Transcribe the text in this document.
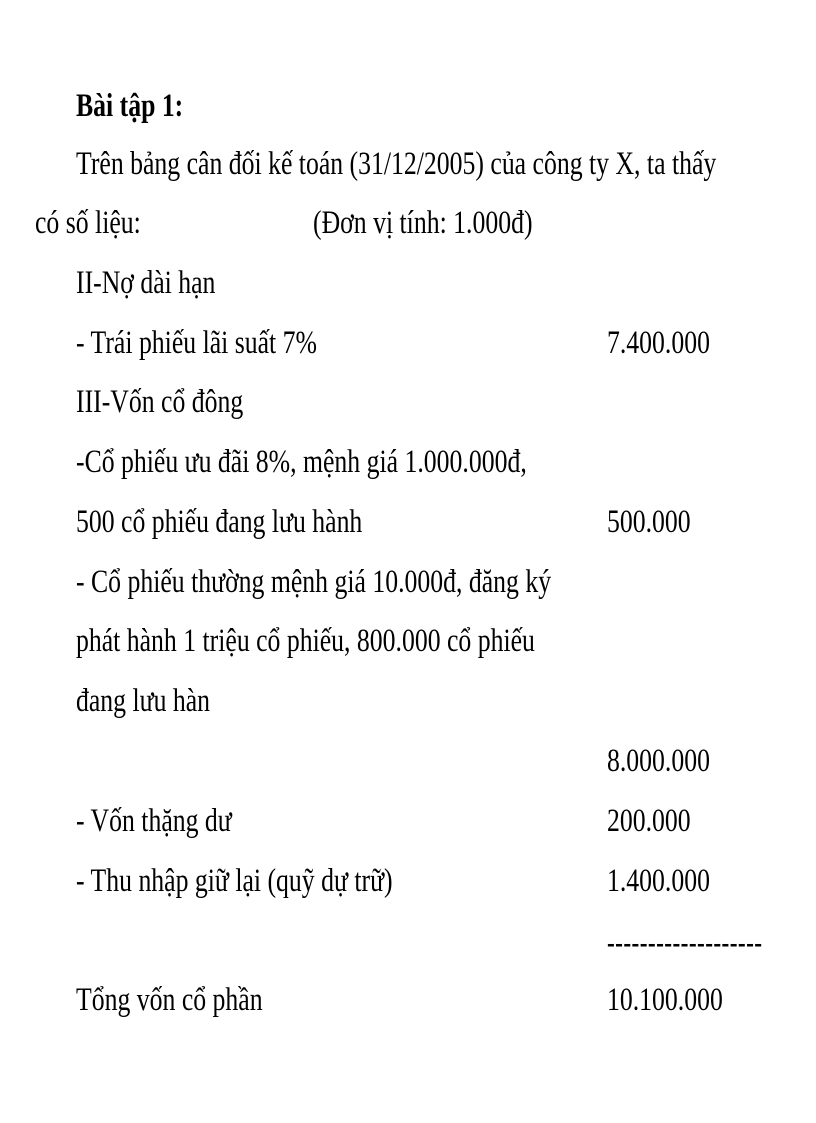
Bài tập 1:
Trên bảng cân đối kế toán (31/12/2005) của công ty X, ta thấy
có số liệu:	(Đơn vị tính: 1.000đ)
II-Nợ dài hạn
- Trái phiếu lãi suất 7%	7.400.000
III-Vốn cổ đông
-Cổ phiếu ưu đãi 8%, mệnh giá 1.000.000đ,
500 cổ phiếu đang lưu hành	500.000
- Cổ phiếu thường mệnh giá 10.000đ, đăng ký
phát hành 1 triệu cổ phiếu, 800.000 cổ phiếu
đang lưu hàn
8.000.000
- Vốn thặng dư	200.000
- Thu nhập giữ lại (quỹ dự trữ)	1.400.000
-------------------
Tổng vốn cổ phần	10.100.000
